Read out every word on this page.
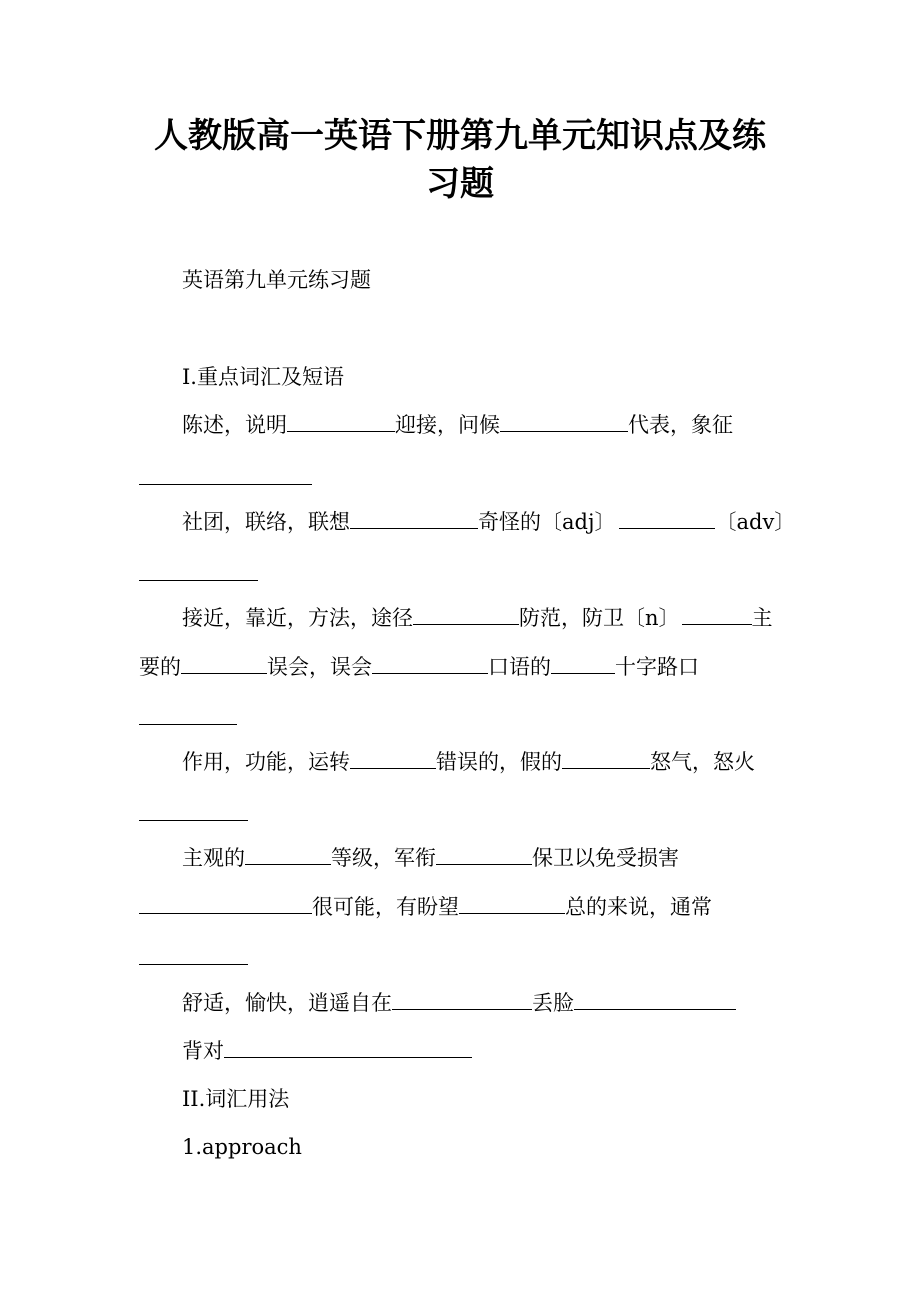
人教版高一英语下册第九单元知识点及练
习题
英语第九单元练习题
I.重点词汇及短语
陈述，说明	迎接，问候	代表，象征
社团，联络，联想	奇怪的〔adj〕	〔adv〕
接近，靠近，方法，途径	防范，防卫〔n〕	主
要的	误会，误会	口语的	十字路口
作用，功能，运转	错误的，假的	怒气，怒火
主观的	等级，军衔	保卫以免受损害
很可能，有盼望	总的来说，通常
舒适，愉快，逍遥自在	丢脸
背对
II.词汇用法
1.approach
